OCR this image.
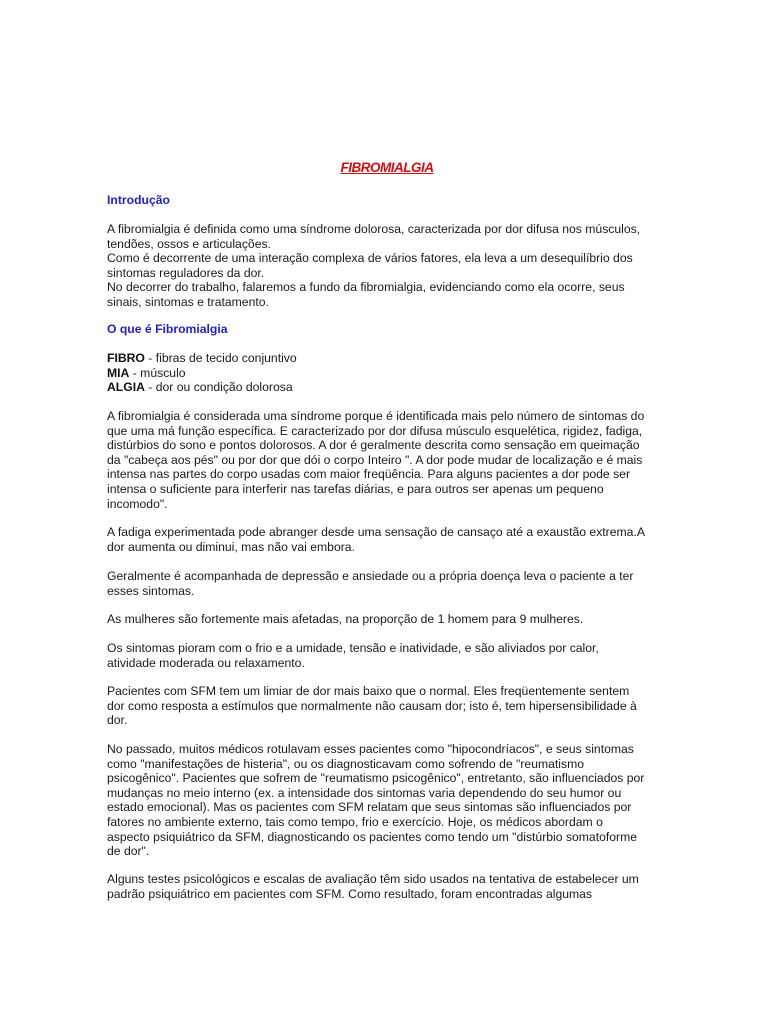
FIBROMIALGIA
Introdução

A fibromialgia é definida como uma síndrome dolorosa, caracterizada por dor difusa nos músculos,
tendões, ossos e articulações.
Como é decorrente de uma interação complexa de vários fatores, ela leva a um desequilíbrio dos
sintomas reguladores da dor.
No decorrer do trabalho, falaremos a fundo da fibromialgia, evidenciando como ela ocorre, seus
sinais, sintomas e tratamento.

O que é Fibromialgia

FIBRO - fibras de tecido conjuntivo
MIA - músculo
ALGIA - dor ou condição dolorosa

A fibromialgia é considerada uma síndrome porque é identificada mais pelo número de sintomas do
que uma má função específica. E caracterizado por dor difusa músculo esquelética, rigidez, fadiga,
distúrbios do sono e pontos dolorosos. A dor é geralmente descrita como sensação em queimação
da "cabeça aos pés" ou por dor que dói o corpo Inteiro ". A dor pode mudar de localização e é mais
intensa nas partes do corpo usadas com maior freqüência. Para alguns pacientes a dor pode ser
intensa o suficiente para interferir nas tarefas diárias, e para outros ser apenas um pequeno
incomodo".

A fadiga experimentada pode abranger desde uma sensação de cansaço até a exaustão extrema.A
dor aumenta ou diminui, mas não vai embora.

Geralmente é acompanhada de depressão e ansiedade ou a própria doença leva o paciente a ter
esses sintomas.

As mulheres são fortemente mais afetadas, na proporção de 1 homem para 9 mulheres.

Os sintomas pioram com o frio e a umidade, tensão e inatividade, e são aliviados por calor,
atividade moderada ou relaxamento.

Pacientes com SFM tem um limiar de dor mais baixo que o normal. Eles freqüentemente sentem
dor como resposta a estímulos que normalmente não causam dor; isto é, tem hipersensibilidade à
dor.

No passado, muitos médicos rotulavam esses pacientes como "hipocondríacos", e seus sintomas
como "manifestações de histeria", ou os diagnosticavam como sofrendo de "reumatismo
psicogênico". Pacientes que sofrem de "reumatismo psicogênico", entretanto, são influenciados por
mudanças no meio interno (ex. a intensidade dos sintomas varia dependendo do seu humor ou
estado emocional). Mas os pacientes com SFM relatam que seus sintomas são influenciados por
fatores no ambiente externo, tais como tempo, frio e exercício. Hoje, os médicos abordam o
aspecto psiquiátrico da SFM, diagnosticando os pacientes como tendo um "distúrbio somatoforme
de dor".

Alguns testes psicológicos e escalas de avaliação têm sido usados na tentativa de estabelecer um
padrão psiquiátrico em pacientes com SFM. Como resultado, foram encontradas algumas
